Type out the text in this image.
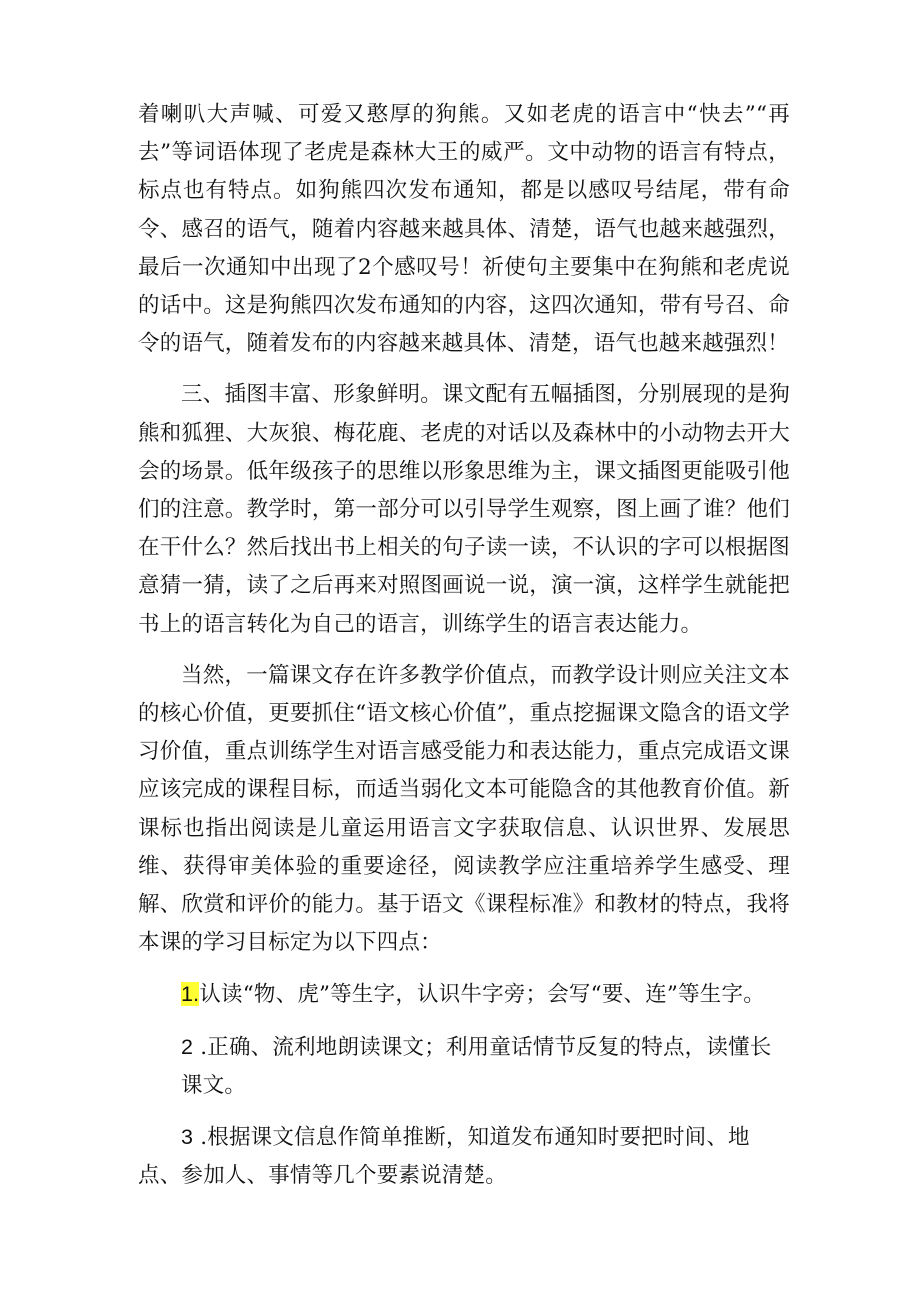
着喇叭大声喊、可爱又憨厚的狗熊。又如老虎的语言中“快去”“再去”等词语体现了老虎是森林大王的威严。文中动物的语言有特点，标点也有特点。如狗熊四次发布通知，都是以感叹号结尾，带有命令、感召的语气，随着内容越来越具体、清楚，语气也越来越强烈，最后一次通知中出现了2个感叹号！祈使句主要集中在狗熊和老虎说的话中。这是狗熊四次发布通知的内容，这四次通知，带有号召、命令的语气，随着发布的内容越来越具体、清楚，语气也越来越强烈！

三、插图丰富、形象鲜明。课文配有五幅插图，分别展现的是狗熊和狐狸、大灰狼、梅花鹿、老虎的对话以及森林中的小动物去开大会的场景。低年级孩子的思维以形象思维为主，课文插图更能吸引他们的注意。教学时，第一部分可以引导学生观察，图上画了谁？他们在干什么？然后找出书上相关的句子读一读，不认识的字可以根据图意猜一猜，读了之后再来对照图画说一说，演一演，这样学生就能把书上的语言转化为自己的语言，训练学生的语言表达能力。

当然，一篇课文存在许多教学价值点，而教学设计则应关注文本的核心价值，更要抓住“语文核心价值”，重点挖掘课文隐含的语文学习价值，重点训练学生对语言感受能力和表达能力，重点完成语文课应该完成的课程目标，而适当弱化文本可能隐含的其他教育价值。新课标也指出阅读是儿童运用语言文字获取信息、认识世界、发展思维、获得审美体验的重要途径，阅读教学应注重培养学生感受、理解、欣赏和评价的能力。基于语文《课程标准》和教材的特点，我将本课的学习目标定为以下四点：

1.认读“物、虎”等生字，认识牛字旁；会写“要、连”等生字。

2 .正确、流利地朗读课文；利用童话情节反复的特点，读懂长课文。

3 .根据课文信息作简单推断，知道发布通知时要把时间、地点、参加人、事情等几个要素说清楚。
